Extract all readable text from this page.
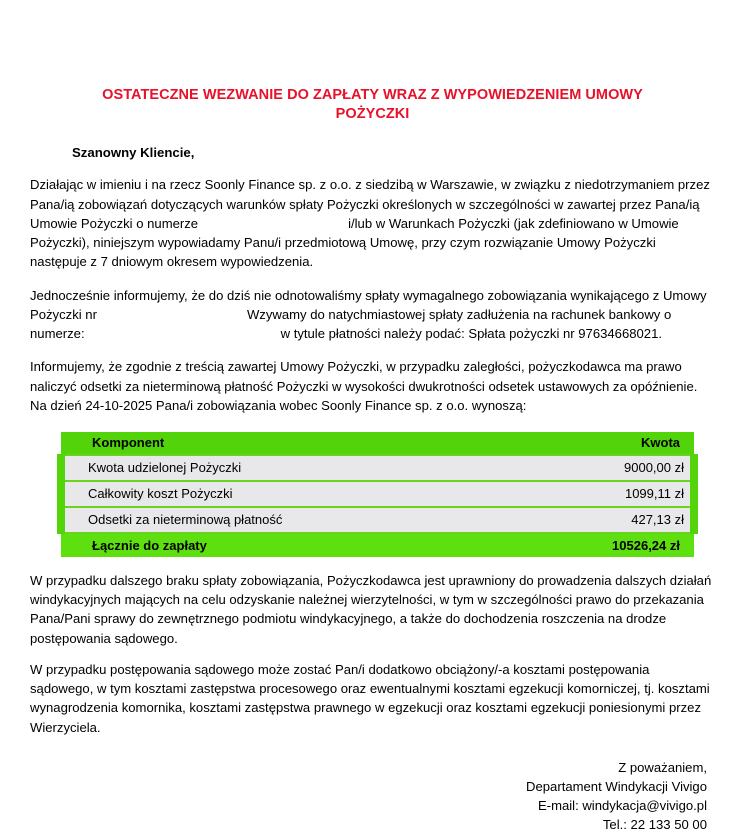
OSTATECZNE WEZWANIE DO ZAPŁATY WRAZ Z WYPOWIEDZENIEM UMOWY POŻYCZKI

Szanowny Kliencie,

Działając w imieniu i na rzecz Soonly Finance sp. z o.o. z siedzibą w Warszawie, w związku z niedotrzymaniem przez Pana/ią zobowiązań dotyczących warunków spłaty Pożyczki określonych w szczególności w zawartej przez Pana/ią Umowie Pożyczki o numerze	i/lub w Warunkach Pożyczki (jak zdefiniowano w Umowie Pożyczki), niniejszym wypowiadamy Panu/i przedmiotową Umowę, przy czym rozwiązanie Umowy Pożyczki następuje z 7 dniowym okresem wypowiedzenia.

Jednocześnie informujemy, że do dziś nie odnotowaliśmy spłaty wymagalnego zobowiązania wynikającego z Umowy Pożyczki nr	Wzywamy do natychmiastowej spłaty zadłużenia na rachunek bankowy o numerze:	w tytule płatności należy podać: Spłata pożyczki nr 97634668021.

Informujemy, że zgodnie z treścią zawartej Umowy Pożyczki, w przypadku zaległości, pożyczkodawca ma prawo naliczyć odsetki za nieterminową płatność Pożyczki w wysokości dwukrotności odsetek ustawowych za opóźnienie. Na dzień 24-10-2025 Pana/i zobowiązania wobec Soonly Finance sp. z o.o. wynoszą:

Komponent	Kwota
Kwota udzielonej Pożyczki	9000,00 zł
Całkowity koszt Pożyczki	1099,11 zł
Odsetki za nieterminową płatność	427,13 zł
Łącznie do zapłaty	10526,24 zł

W przypadku dalszego braku spłaty zobowiązania, Pożyczkodawca jest uprawniony do prowadzenia dalszych działań windykacyjnych mających na celu odzyskanie należnej wierzytelności, w tym w szczególności prawo do przekazania Pana/Pani sprawy do zewnętrznego podmiotu windykacyjnego, a także do dochodzenia roszczenia na drodze postępowania sądowego.

W przypadku postępowania sądowego może zostać Pan/i dodatkowo obciążony/-a kosztami postępowania sądowego, w tym kosztami zastępstwa procesowego oraz ewentualnymi kosztami egzekucji komorniczej, tj. kosztami wynagrodzenia komornika, kosztami zastępstwa prawnego w egzekucji oraz kosztami egzekucji poniesionymi przez Wierzyciela.

Z poważaniem,
Departament Windykacji Vivigo
E-mail: windykacja@vivigo.pl
Tel.: 22 133 50 00
